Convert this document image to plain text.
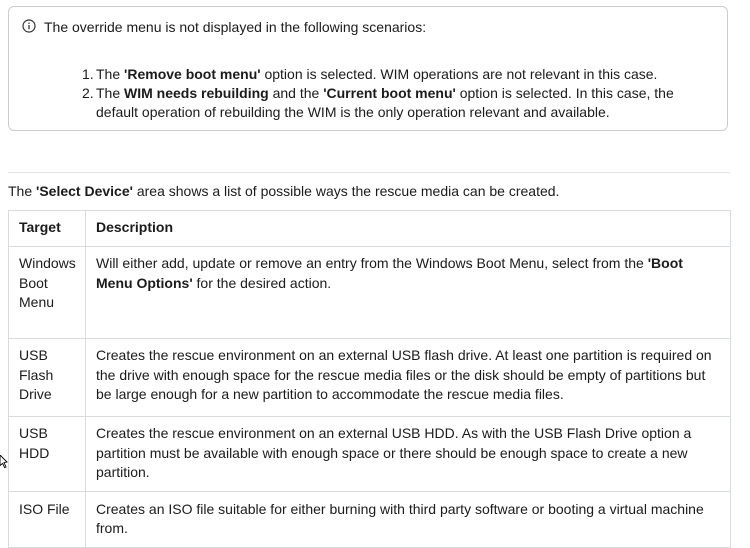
The override menu is not displayed in the following scenarios:
1. The 'Remove boot menu' option is selected. WIM operations are not relevant in this case.
2. The WIM needs rebuilding and the 'Current boot menu' option is selected. In this case, the default operation of rebuilding the WIM is the only operation relevant and available.
The 'Select Device' area shows a list of possible ways the rescue media can be created.
Target	Description
Windows Boot Menu	Will either add, update or remove an entry from the Windows Boot Menu, select from the 'Boot Menu Options' for the desired action.
USB Flash Drive	Creates the rescue environment on an external USB flash drive. At least one partition is required on the drive with enough space for the rescue media files or the disk should be empty of partitions but be large enough for a new partition to accommodate the rescue media files.
USB HDD	Creates the rescue environment on an external USB HDD. As with the USB Flash Drive option a partition must be available with enough space or there should be enough space to create a new partition.
ISO File	Creates an ISO file suitable for either burning with third party software or booting a virtual machine from.
